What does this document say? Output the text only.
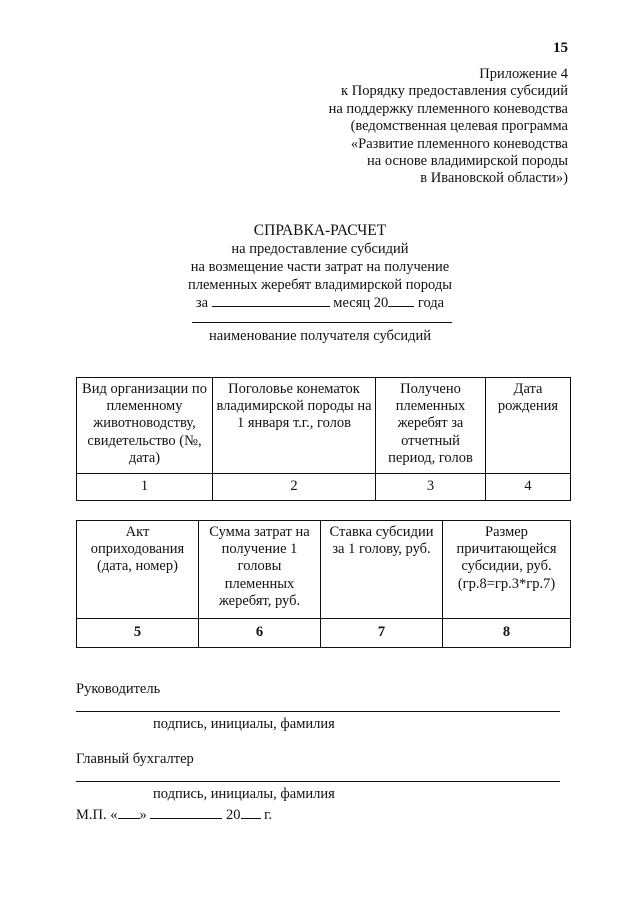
15
Приложение 4
к Порядку предоставления субсидий
на поддержку племенного коневодства
(ведомственная целевая программа
«Развитие племенного коневодства
на основе владимирской породы
в Ивановской области»)
СПРАВКА-РАСЧЕТ
на предоставление субсидий
на возмещение части затрат на получение
племенных жеребят владимирской породы
за	месяц 20 года
наименование получателя субсидий
Вид организации по племенному животноводству, свидетельство (№, дата)	Поголовье конематок владимирской породы на 1 января т.г., голов	Получено племенных жеребят за отчетный период, голов	Дата рождения
1	2	3	4
Акт оприходования (дата, номер)	Сумма затрат на получение 1 головы племенных жеребят, руб.	Ставка субсидии за 1 голову, руб.	Размер причитающейся субсидии, руб. (гр.8=гр.3*гр.7)
5	6	7	8
Руководитель
подпись, инициалы, фамилия
Главный бухгалтер
подпись, инициалы, фамилия
М.П. « »	20 г.
